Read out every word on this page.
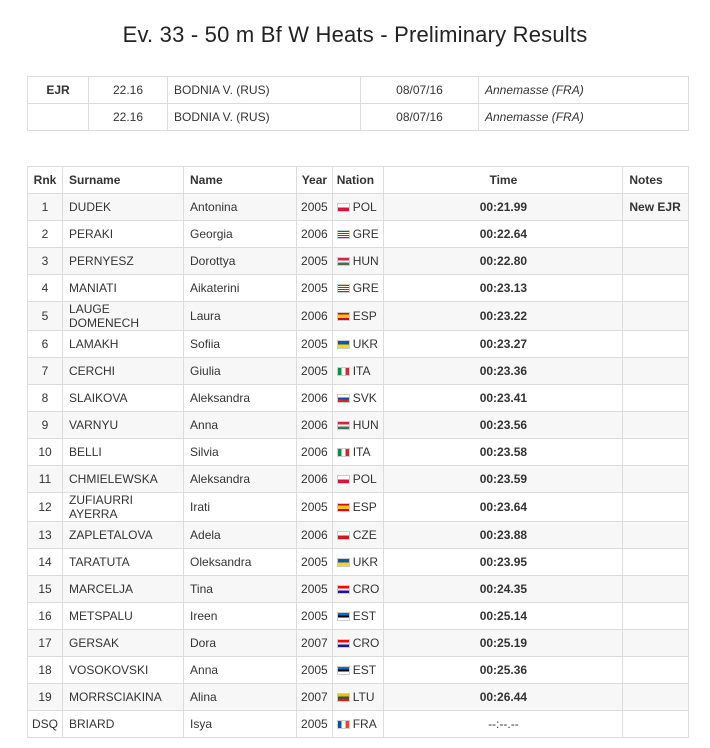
Ev. 33 - 50 m Bf W Heats - Preliminary Results
EJR	22.16	BODNIA V. (RUS)	08/07/16	Annemasse (FRA)
	22.16	BODNIA V. (RUS)	08/07/16	Annemasse (FRA)
Rnk	Surname	Name	Year	Nation	Time	Notes
1	DUDEK	Antonina	2005	POL	00:21.99	New EJR
2	PERAKI	Georgia	2006	GRE	00:22.64	
3	PERNYESZ	Dorottya	2005	HUN	00:22.80	
4	MANIATI	Aikaterini	2005	GRE	00:23.13	
5	LAUGE DOMENECH	Laura	2006	ESP	00:23.22	
6	LAMAKH	Sofiia	2005	UKR	00:23.27	
7	CERCHI	Giulia	2005	ITA	00:23.36	
8	SLAIKOVA	Aleksandra	2006	SVK	00:23.41	
9	VARNYU	Anna	2006	HUN	00:23.56	
10	BELLI	Silvia	2006	ITA	00:23.58	
11	CHMIELEWSKA	Aleksandra	2006	POL	00:23.59	
12	ZUFIAURRI AYERRA	Irati	2005	ESP	00:23.64	
13	ZAPLETALOVA	Adela	2006	CZE	00:23.88	
14	TARATUTA	Oleksandra	2005	UKR	00:23.95	
15	MARCELJA	Tina	2005	CRO	00:24.35	
16	METSPALU	Ireen	2005	EST	00:25.14	
17	GERSAK	Dora	2007	CRO	00:25.19	
18	VOSOKOVSKI	Anna	2005	EST	00:25.36	
19	MORRSCIAKINA	Alina	2007	LTU	00:26.44	
DSQ	BRIARD	Isya	2005	FRA	--:--.--	
